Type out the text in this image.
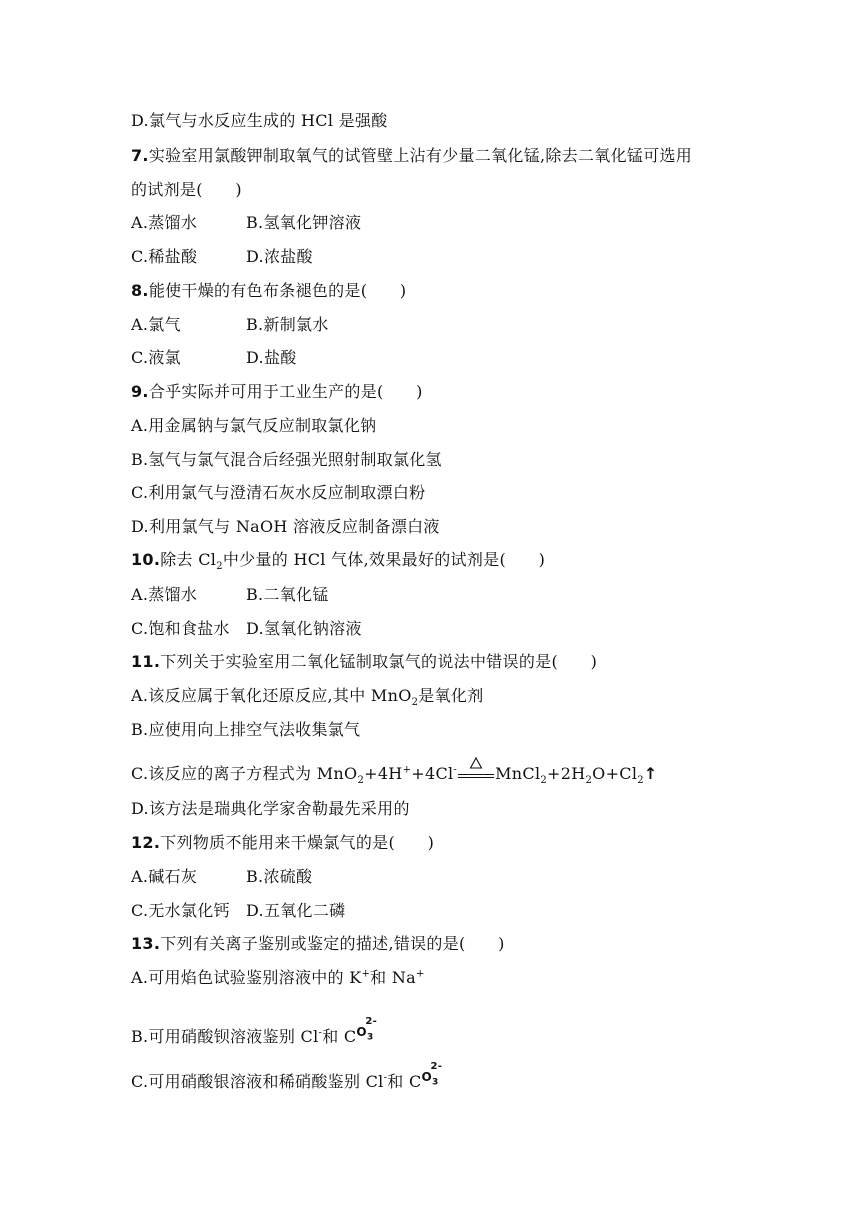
D.氯气与水反应生成的 HCl 是强酸
7.实验室用氯酸钾制取氧气的试管壁上沾有少量二氧化锰,除去二氧化锰可选用
的试剂是(　　)
A.蒸馏水	B.氢氧化钾溶液
C.稀盐酸	D.浓盐酸
8.能使干燥的有色布条褪色的是(　　)
A.氯气	B.新制氯水
C.液氯	D.盐酸
9.合乎实际并可用于工业生产的是(　　)
A.用金属钠与氯气反应制取氯化钠
B.氢气与氯气混合后经强光照射制取氯化氢
C.利用氯气与澄清石灰水反应制取漂白粉
D.利用氯气与 NaOH 溶液反应制备漂白液
10.除去 $Cl_2$中少量的 HCl 气体,效果最好的试剂是(　　)
A.蒸馏水	B.二氧化锰
C.饱和食盐水 D.氢氧化钠溶液
11.下列关于实验室用二氧化锰制取氯气的说法中错误的是(　　)
A.该反应属于氧化还原反应,其中 MnO$_2$是氧化剂
B.应使用向上排空气法收集氯气
C.该反应的离子方程式为 MnO$_2$+4H++4Cl- $MnCl_2+2H_2O+Cl_2↑$
D.该方法是瑞典化学家舍勒最先采用的
12.下列物质不能用来干燥氯气的是(　　)
A.碱石灰	B.浓硫酸
C.无水氯化钙 D.五氧化二磷
13.下列有关离子鉴别或鉴定的描述,错误的是(　　)
A.可用焰色试验鉴别溶液中的 K+和 Na+
B.可用硝酸钡溶液鉴别 Cl-和 C
2-
$O_3$
C.可用硝酸银溶液和稀硝酸鉴别 Cl-和 C
2-
$O_3$
